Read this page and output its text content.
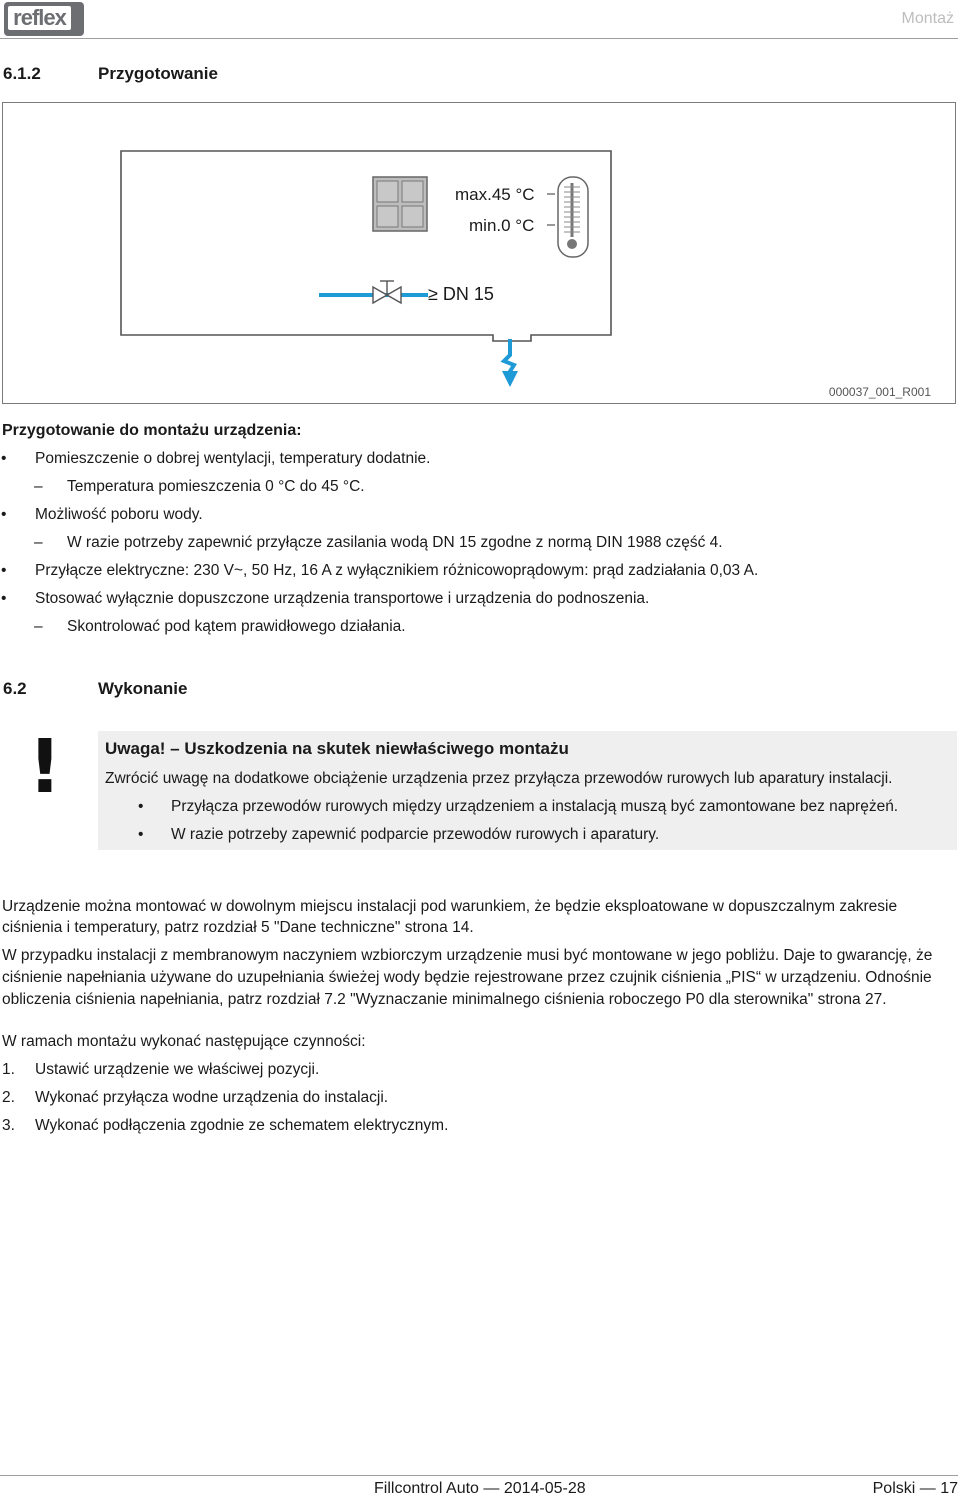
reflex	Montaż
6.1.2	Przygotowanie
max.45 °C
min.0 °C
≥ DN 15
000037_001_R001
Przygotowanie do montażu urządzenia:
• Pomieszczenie o dobrej wentylacji, temperatury dodatnie.
– Temperatura pomieszczenia 0 °C do 45 °C.
• Możliwość poboru wody.
– W razie potrzeby zapewnić przyłącze zasilania wodą DN 15 zgodne z normą DIN 1988 część 4.
• Przyłącze elektryczne: 230 V~, 50 Hz, 16 A z wyłącznikiem różnicowoprądowym: prąd zadziałania 0,03 A.
• Stosować wyłącznie dopuszczone urządzenia transportowe i urządzenia do podnoszenia.
– Skontrolować pod kątem prawidłowego działania.
6.2	Wykonanie
!	Uwaga! – Uszkodzenia na skutek niewłaściwego montażu
Zwrócić uwagę na dodatkowe obciążenie urządzenia przez przyłącza przewodów rurowych lub aparatury instalacji.
• Przyłącza przewodów rurowych między urządzeniem a instalacją muszą być zamontowane bez naprężeń.
• W razie potrzeby zapewnić podparcie przewodów rurowych i aparatury.

Urządzenie można montować w dowolnym miejscu instalacji pod warunkiem, że będzie eksploatowane w dopuszczalnym zakresie ciśnienia i temperatury, patrz rozdział 5 "Dane techniczne" strona 14.

W przypadku instalacji z membranowym naczyniem wzbiorczym urządzenie musi być montowane w jego pobliżu. Daje to gwarancję, że ciśnienie napełniania używane do uzupełniania świeżej wody będzie rejestrowane przez czujnik ciśnienia „PIS“ w urządzeniu. Odnośnie obliczenia ciśnienia napełniania, patrz rozdział 7.2 "Wyznaczanie minimalnego ciśnienia roboczego P0 dla sterownika" strona 27.

W ramach montażu wykonać następujące czynności:
1. Ustawić urządzenie we właściwej pozycji.
2. Wykonać przyłącza wodne urządzenia do instalacji.
3. Wykonać podłączenia zgodnie ze schematem elektrycznym.
Fillcontrol Auto — 2014-05-28	Polski — 17
